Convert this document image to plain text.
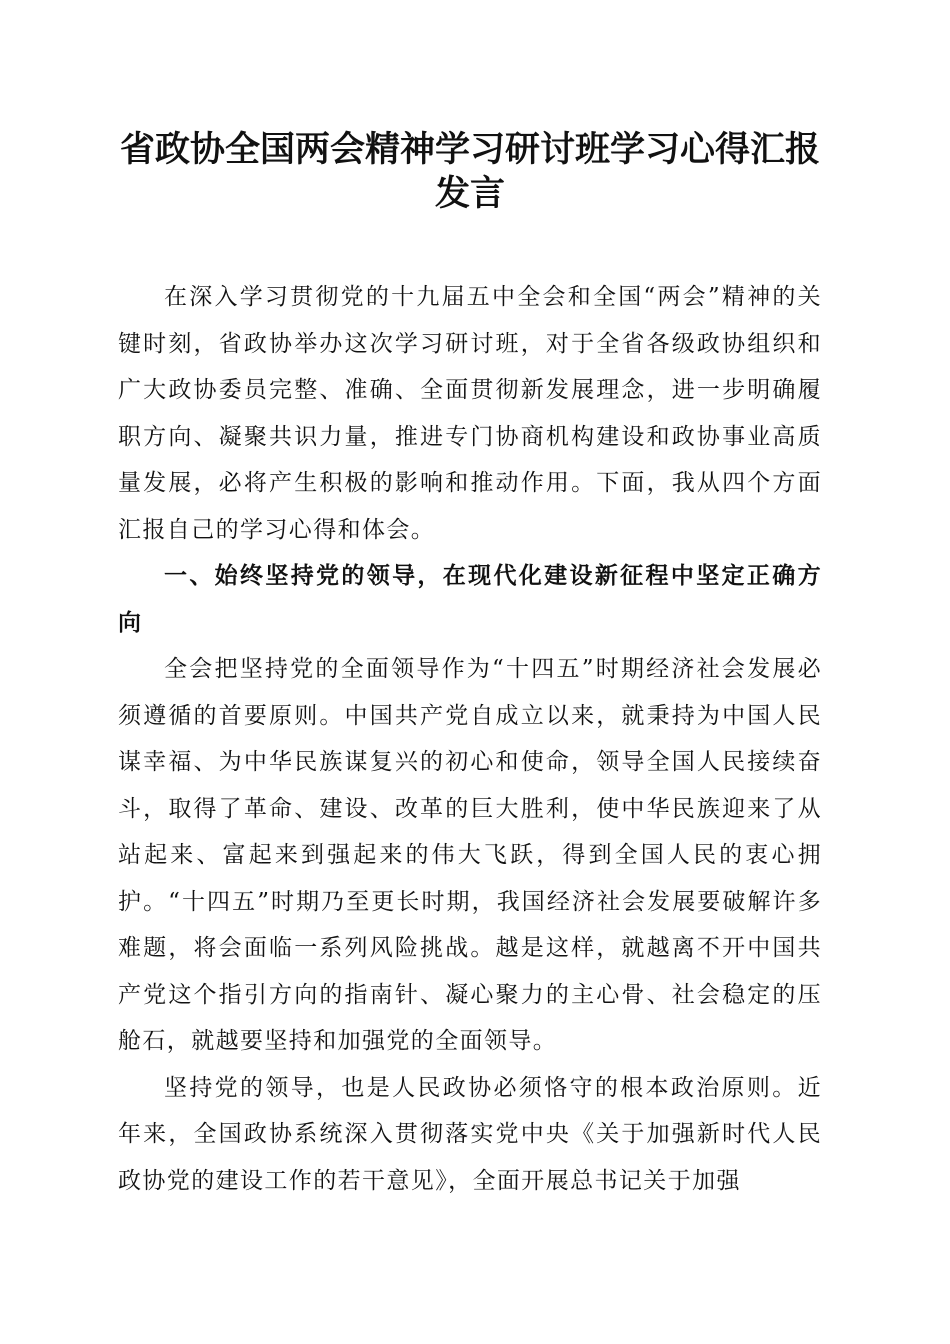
省政协全国两会精神学习研讨班学习心得汇报发言

在深入学习贯彻党的十九届五中全会和全国“两会”精神的关键时刻，省政协举办这次学习研讨班，对于全省各级政协组织和广大政协委员完整、准确、全面贯彻新发展理念，进一步明确履职方向、凝聚共识力量，推进专门协商机构建设和政协事业高质量发展，必将产生积极的影响和推动作用。下面，我从四个方面汇报自己的学习心得和体会。

一、始终坚持党的领导，在现代化建设新征程中坚定正确方向

全会把坚持党的全面领导作为“十四五”时期经济社会发展必须遵循的首要原则。中国共产党自成立以来，就秉持为中国人民谋幸福、为中华民族谋复兴的初心和使命，领导全国人民接续奋斗，取得了革命、建设、改革的巨大胜利，使中华民族迎来了从站起来、富起来到强起来的伟大飞跃，得到全国人民的衷心拥护。“十四五”时期乃至更长时期，我国经济社会发展要破解许多难题，将会面临一系列风险挑战。越是这样，就越离不开中国共产党这个指引方向的指南针、凝心聚力的主心骨、社会稳定的压舱石，就越要坚持和加强党的全面领导。

坚持党的领导，也是人民政协必须恪守的根本政治原则。近年来，全国政协系统深入贯彻落实党中央《关于加强新时代人民政协党的建设工作的若干意见》，全面开展总书记关于加强
